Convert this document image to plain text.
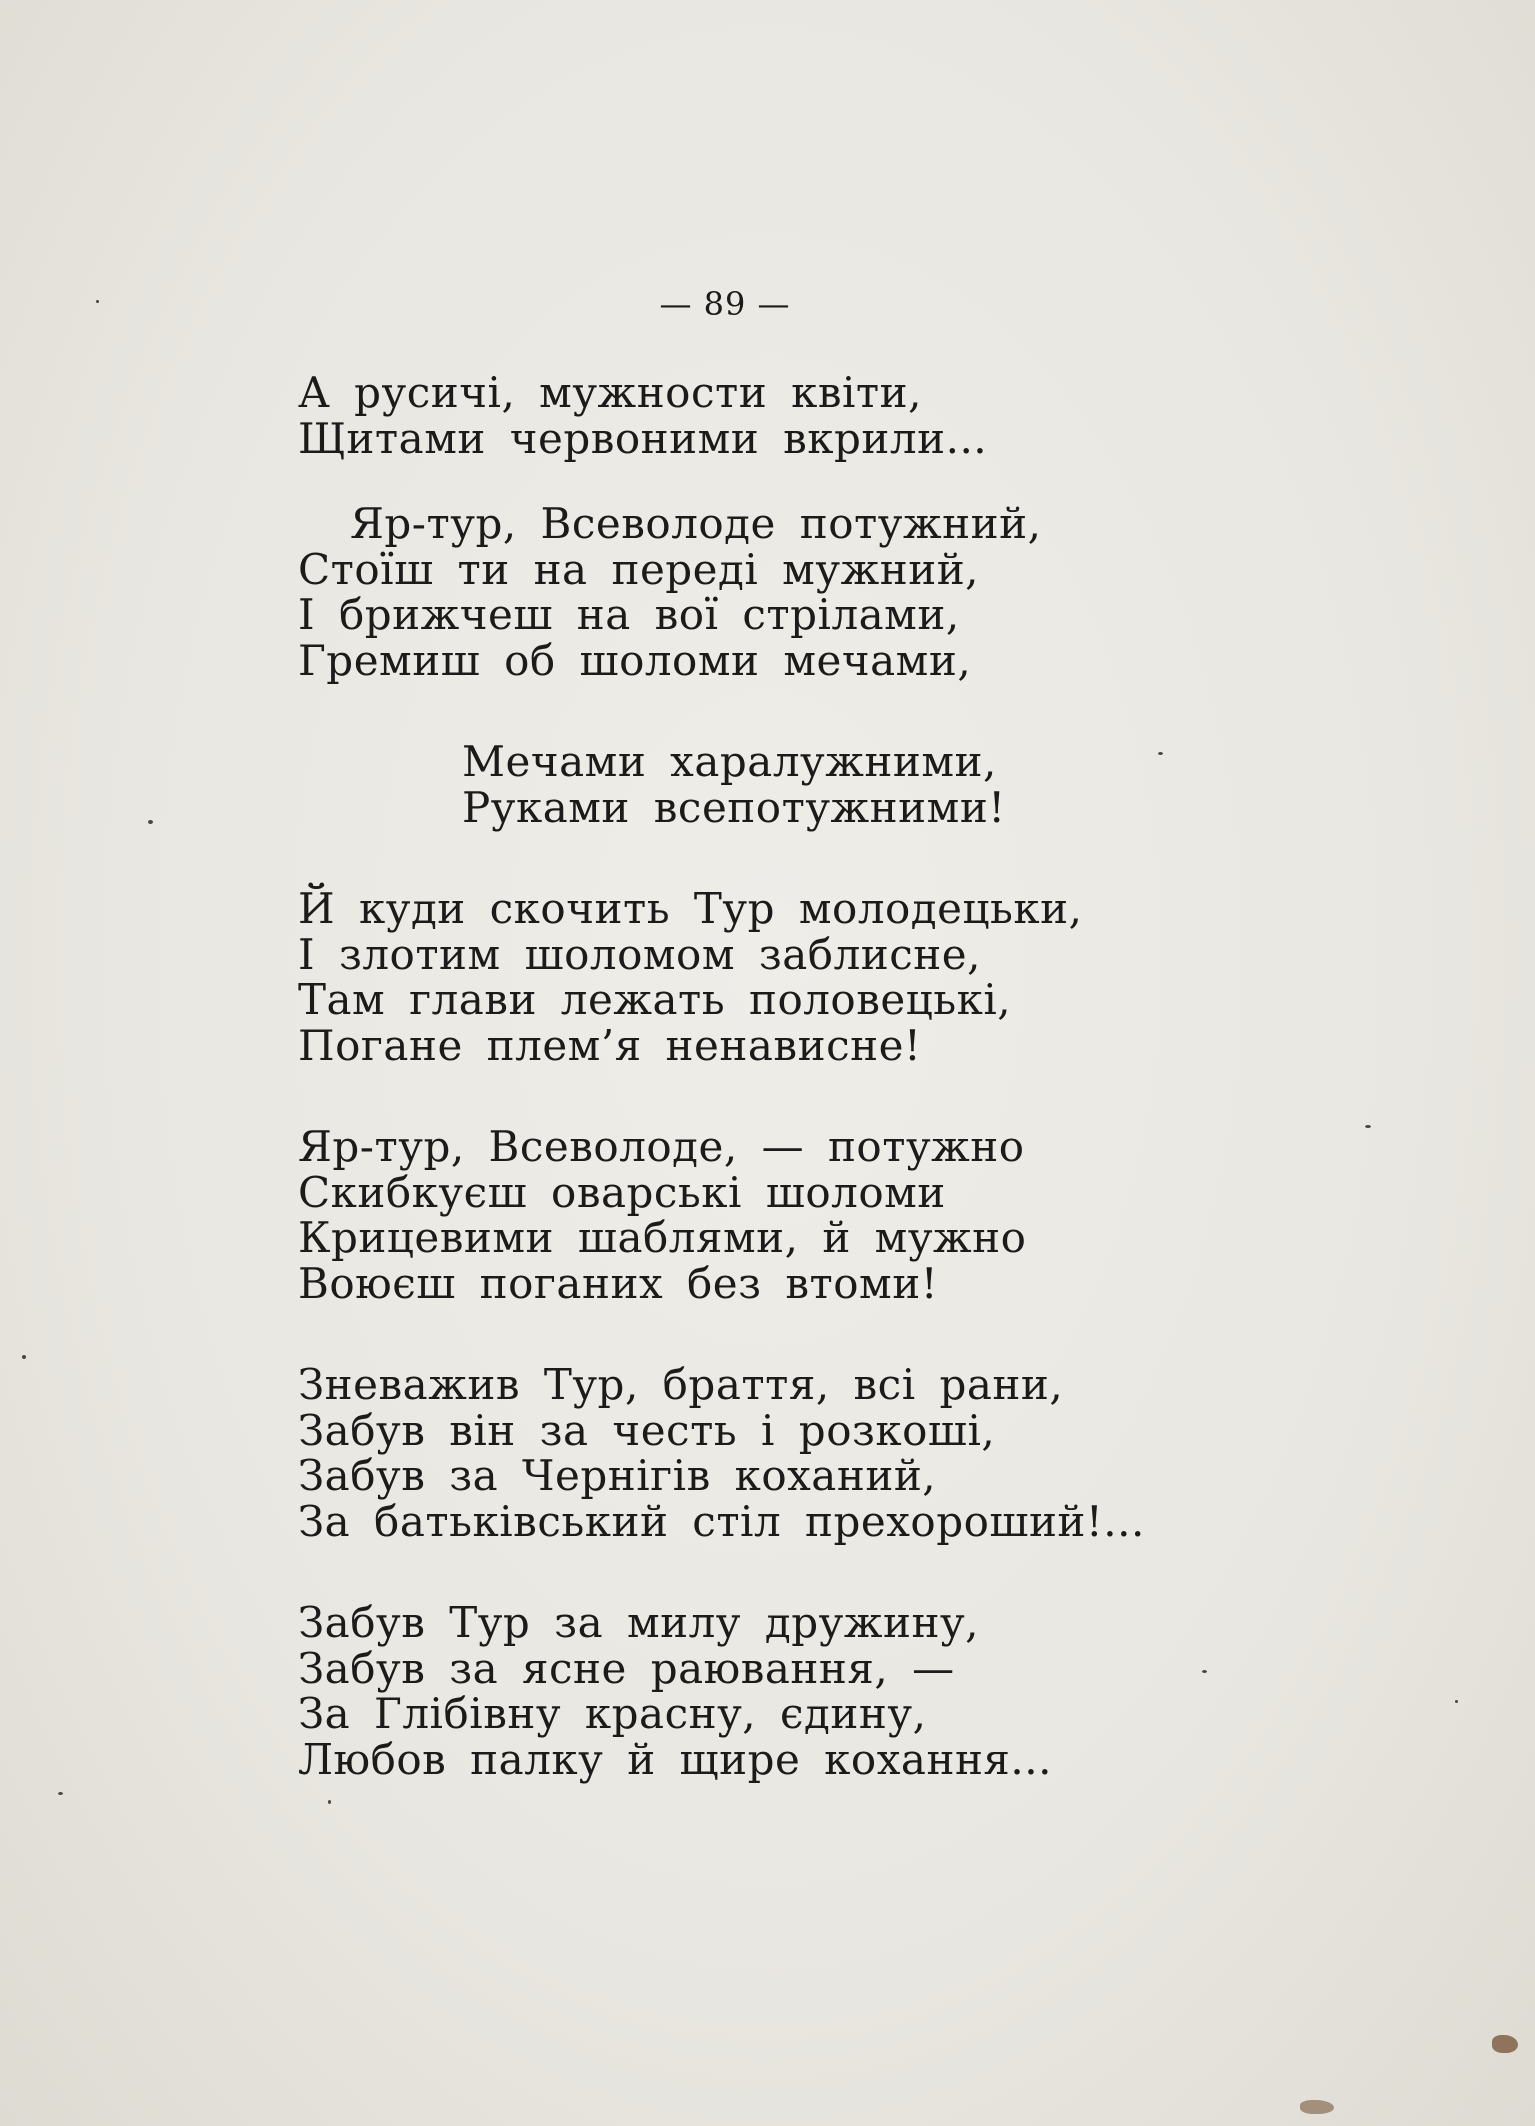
— 89 —
А русичі, мужности квіти,
Щитами червоними вкрили...
Яр-тур, Всеволоде потужний,
Стоїш ти на переді мужний,
І брижчеш на вої стрілами,
Гремиш об шоломи мечами,
Мечами харалужними,
Руками всепотужними!
Й куди скочить Тур молодецьки,
І злотим шоломом заблисне,
Там глави лежать половецькі,
Погане плем’я ненависне!
Яр-тур, Всеволоде, — потужно
Скибкуєш оварські шоломи
Крицевими шаблями, й мужно
Воюєш поганих без втоми!
Зневажив Тур, браття, всі рани,
Забув він за честь і розкоші,
Забув за Чернігів коханий,
За батьківський стіл прехороший!...
Забув Тур за милу дружину,
Забув за ясне раювання, —
За Глібівну красну, єдину,
Любов палку й щире кохання...
